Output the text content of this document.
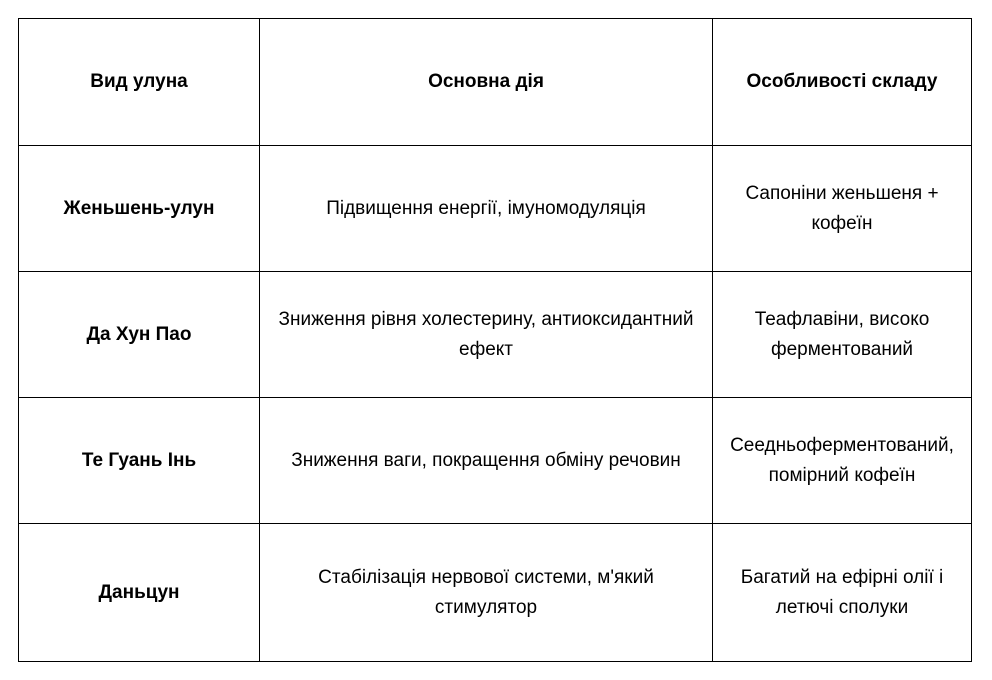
Вид улуна	Основна дія	Особливості складу
Женьшень-улун	Підвищення енергії, імуномодуляція	Сапоніни женьшеня + кофеїн
Да Хун Пао	Зниження рівня холестерину, антиоксидантний ефект	Теафлавіни, високо ферментований
Те Гуань Інь	Зниження ваги, покращення обміну речовин	Сеедньоферментований, помірний кофеїн
Даньцун	Стабілізація нервової системи, м'який стимулятор	Багатий на ефірні олії і летючі сполуки
